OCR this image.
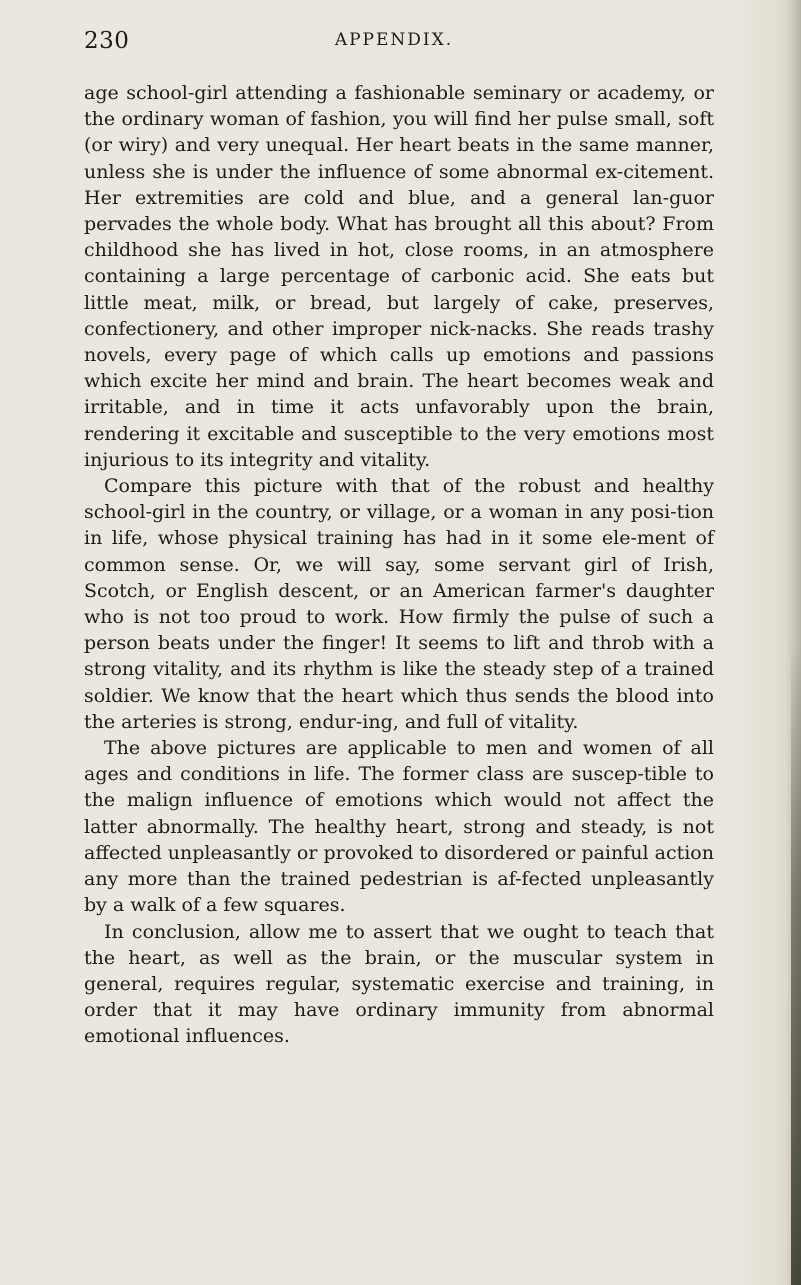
230	APPENDIX.

age school-girl attending a fashionable seminary or academy, or the ordinary woman of fashion, you will find her pulse small, soft (or wiry) and very unequal. Her heart beats in the same manner, unless she is under the influence of some abnormal ex-citement. Her extremities are cold and blue, and a general lan-guor pervades the whole body. What has brought all this about? From childhood she has lived in hot, close rooms, in an atmosphere containing a large percentage of carbonic acid. She eats but little meat, milk, or bread, but largely of cake, preserves, confectionery, and other improper nick-nacks. She reads trashy novels, every page of which calls up emotions and passions which excite her mind and brain. The heart becomes weak and irritable, and in time it acts unfavorably upon the brain, rendering it excitable and susceptible to the very emotions most injurious to its integrity and vitality.

Compare this picture with that of the robust and healthy school-girl in the country, or village, or a woman in any posi-tion in life, whose physical training has had in it some ele-ment of common sense. Or, we will say, some servant girl of Irish, Scotch, or English descent, or an American farmer's daughter who is not too proud to work. How firmly the pulse of such a person beats under the finger! It seems to lift and throb with a strong vitality, and its rhythm is like the steady step of a trained soldier. We know that the heart which thus sends the blood into the arteries is strong, endur-ing, and full of vitality.

The above pictures are applicable to men and women of all ages and conditions in life. The former class are suscep-tible to the malign influence of emotions which would not affect the latter abnormally. The healthy heart, strong and steady, is not affected unpleasantly or provoked to disordered or painful action any more than the trained pedestrian is af-fected unpleasantly by a walk of a few squares.

In conclusion, allow me to assert that we ought to teach that the heart, as well as the brain, or the muscular system in general, requires regular, systematic exercise and training, in order that it may have ordinary immunity from abnormal emotional influences.
